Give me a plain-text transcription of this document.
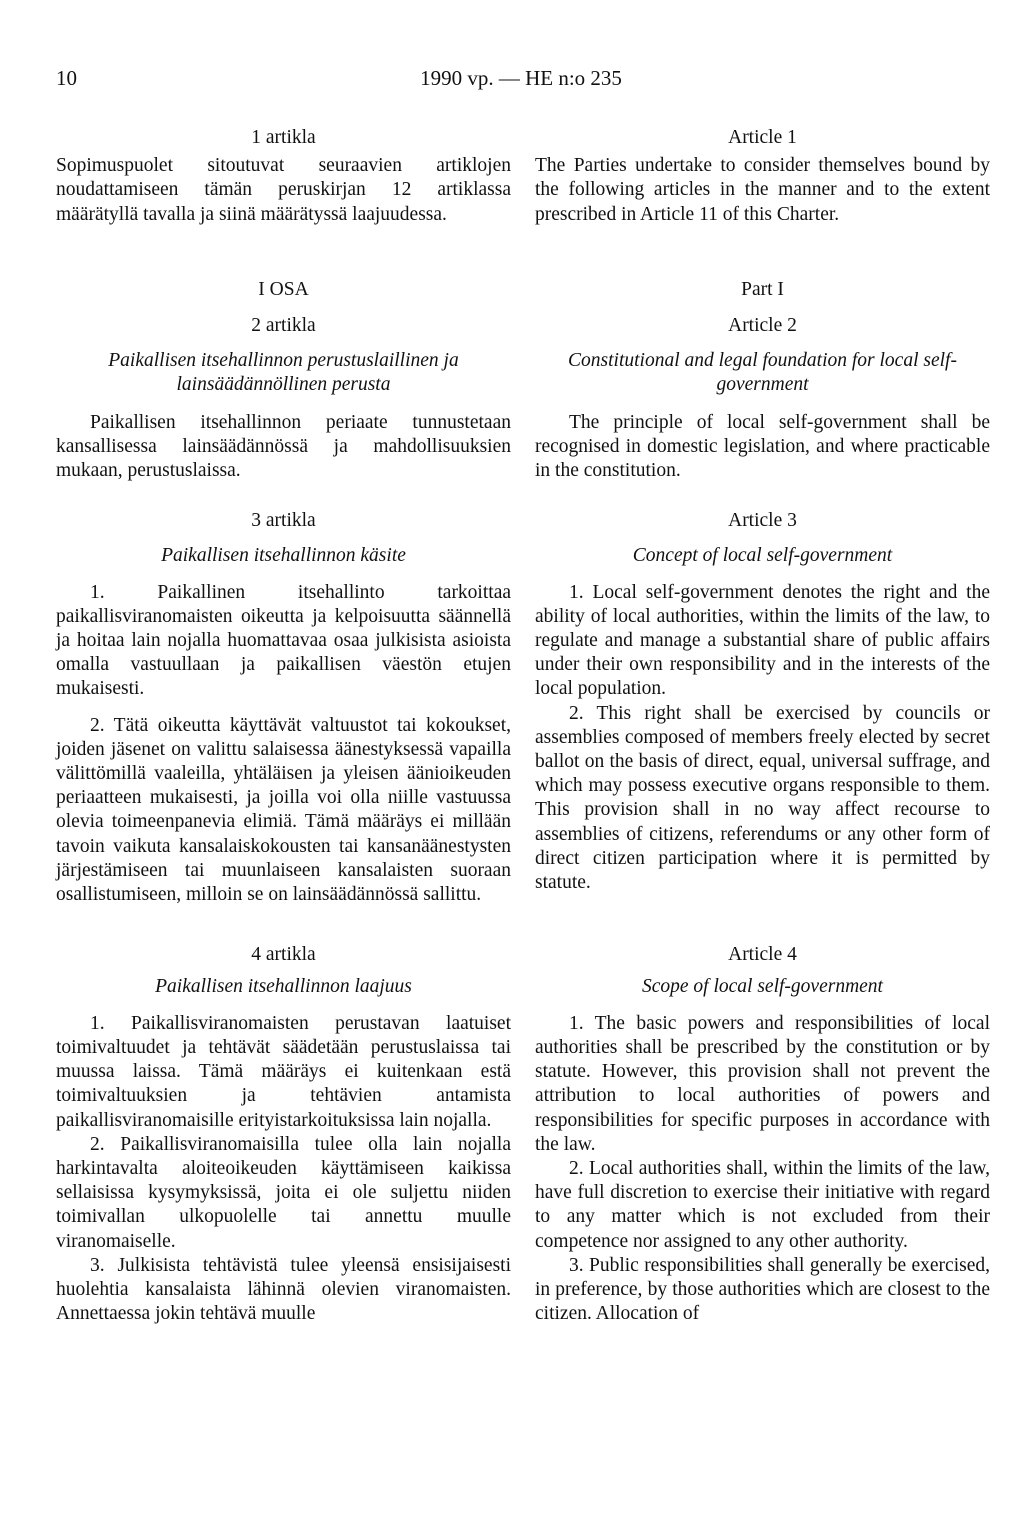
10	1990 vp. — HE n:o 235

1 artikla

Sopimuspuolet sitoutuvat seuraavien artiklojen noudattamiseen tämän peruskirjan 12 artiklassa määrätyllä tavalla ja siinä määrätyssä laajuudessa.

I OSA

2 artikla

Paikallisen itsehallinnon perustuslaillinen ja lainsäädännöllinen perusta

Paikallisen itsehallinnon periaate tunnustetaan kansallisessa lainsäädännössä ja mahdollisuuksien mukaan, perustuslaissa.

3 artikla

Paikallisen itsehallinnon käsite

1. Paikallinen itsehallinto tarkoittaa paikallisviranomaisten oikeutta ja kelpoisuutta säännellä ja hoitaa lain nojalla huomattavaa osaa julkisista asioista omalla vastuullaan ja paikallisen väestön etujen mukaisesti.

2. Tätä oikeutta käyttävät valtuustot tai kokoukset, joiden jäsenet on valittu salaisessa äänestyksessä vapailla välittömillä vaaleilla, yhtäläisen ja yleisen äänioikeuden periaatteen mukaisesti, ja joilla voi olla niille vastuussa olevia toimeenpanevia elimiä. Tämä määräys ei millään tavoin vaikuta kansalaiskokousten tai kansanäänestysten järjestämiseen tai muunlaiseen kansalaisten suoraan osallistumiseen, milloin se on lainsäädännössä sallittu.

4 artikla

Paikallisen itsehallinnon laajuus

1. Paikallisviranomaisten perustavan laatuiset toimivaltuudet ja tehtävät säädetään perustuslaissa tai muussa laissa. Tämä määräys ei kuitenkaan estä toimivaltuuksien ja tehtävien antamista paikallisviranomaisille erityistarkoituksissa lain nojalla.

2. Paikallisviranomaisilla tulee olla lain nojalla harkintavalta aloiteoikeuden käyttämiseen kaikissa sellaisissa kysymyksissä, joita ei ole suljettu niiden toimivallan ulkopuolelle tai annettu muulle viranomaiselle.

3. Julkisista tehtävistä tulee yleensä ensisijaisesti huolehtia kansalaista lähinnä olevien viranomaisten. Annettaessa jokin tehtävä muulle

Article 1

The Parties undertake to consider themselves bound by the following articles in the manner and to the extent prescribed in Article 11 of this Charter.

Part I

Article 2

Constitutional and legal foundation for local self-government

The principle of local self-government shall be recognised in domestic legislation, and where practicable in the constitution.

Article 3

Concept of local self-government

1. Local self-government denotes the right and the ability of local authorities, within the limits of the law, to regulate and manage a substantial share of public affairs under their own responsibility and in the interests of the local population.

2. This right shall be exercised by councils or assemblies composed of members freely elected by secret ballot on the basis of direct, equal, universal suffrage, and which may possess executive organs responsible to them. This provision shall in no way affect recourse to assemblies of citizens, referendums or any other form of direct citizen participation where it is permitted by statute.

Article 4

Scope of local self-government

1. The basic powers and responsibilities of local authorities shall be prescribed by the constitution or by statute. However, this provision shall not prevent the attribution to local authorities of powers and responsibilities for specific purposes in accordance with the law.

2. Local authorities shall, within the limits of the law, have full discretion to exercise their initiative with regard to any matter which is not excluded from their competence nor assigned to any other authority.

3. Public responsibilities shall generally be exercised, in preference, by those authorities which are closest to the citizen. Allocation of
